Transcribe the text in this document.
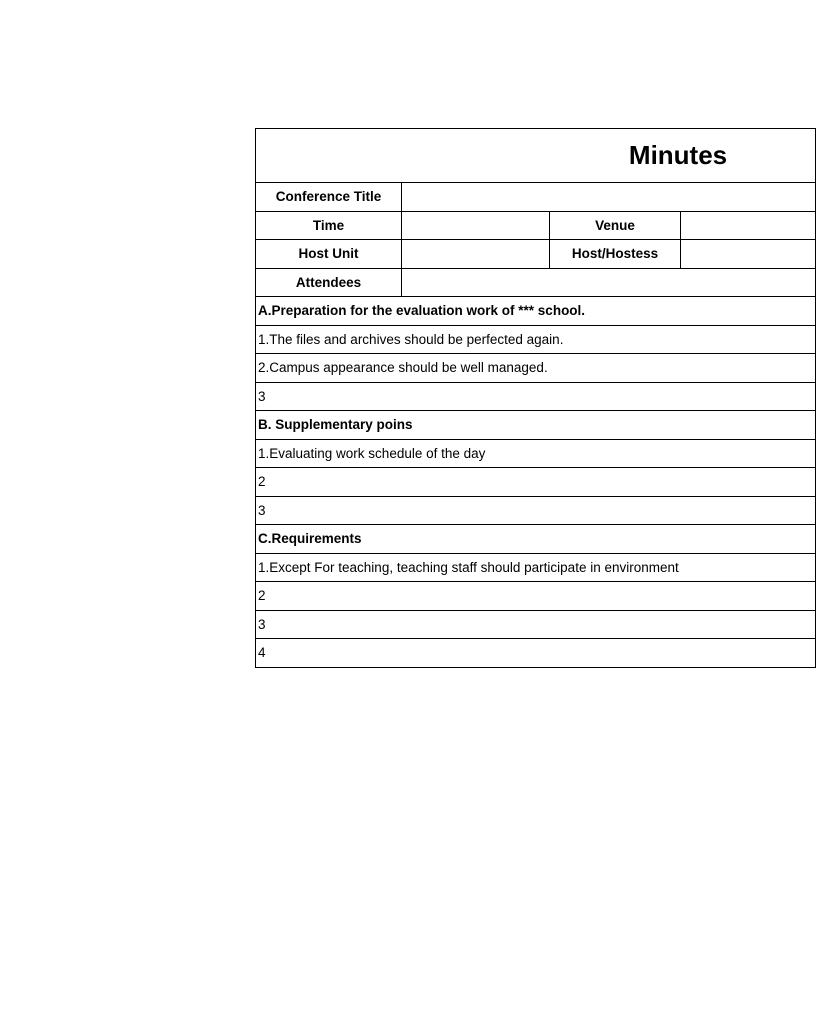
Minutes			
Conference Title			
Time		Venue	
Host Unit		Host/Hostess	
Attendees			
A.Preparation for the evaluation work of *** school.			
1.The files and archives should be perfected again.			
2.Campus appearance should be well managed.			
3			
B. Supplementary poins			
1.Evaluating work schedule of the day			
2			
3			
C.Requirements			
1.Except For teaching, teaching staff should participate in environment			
2			
3			
4			
